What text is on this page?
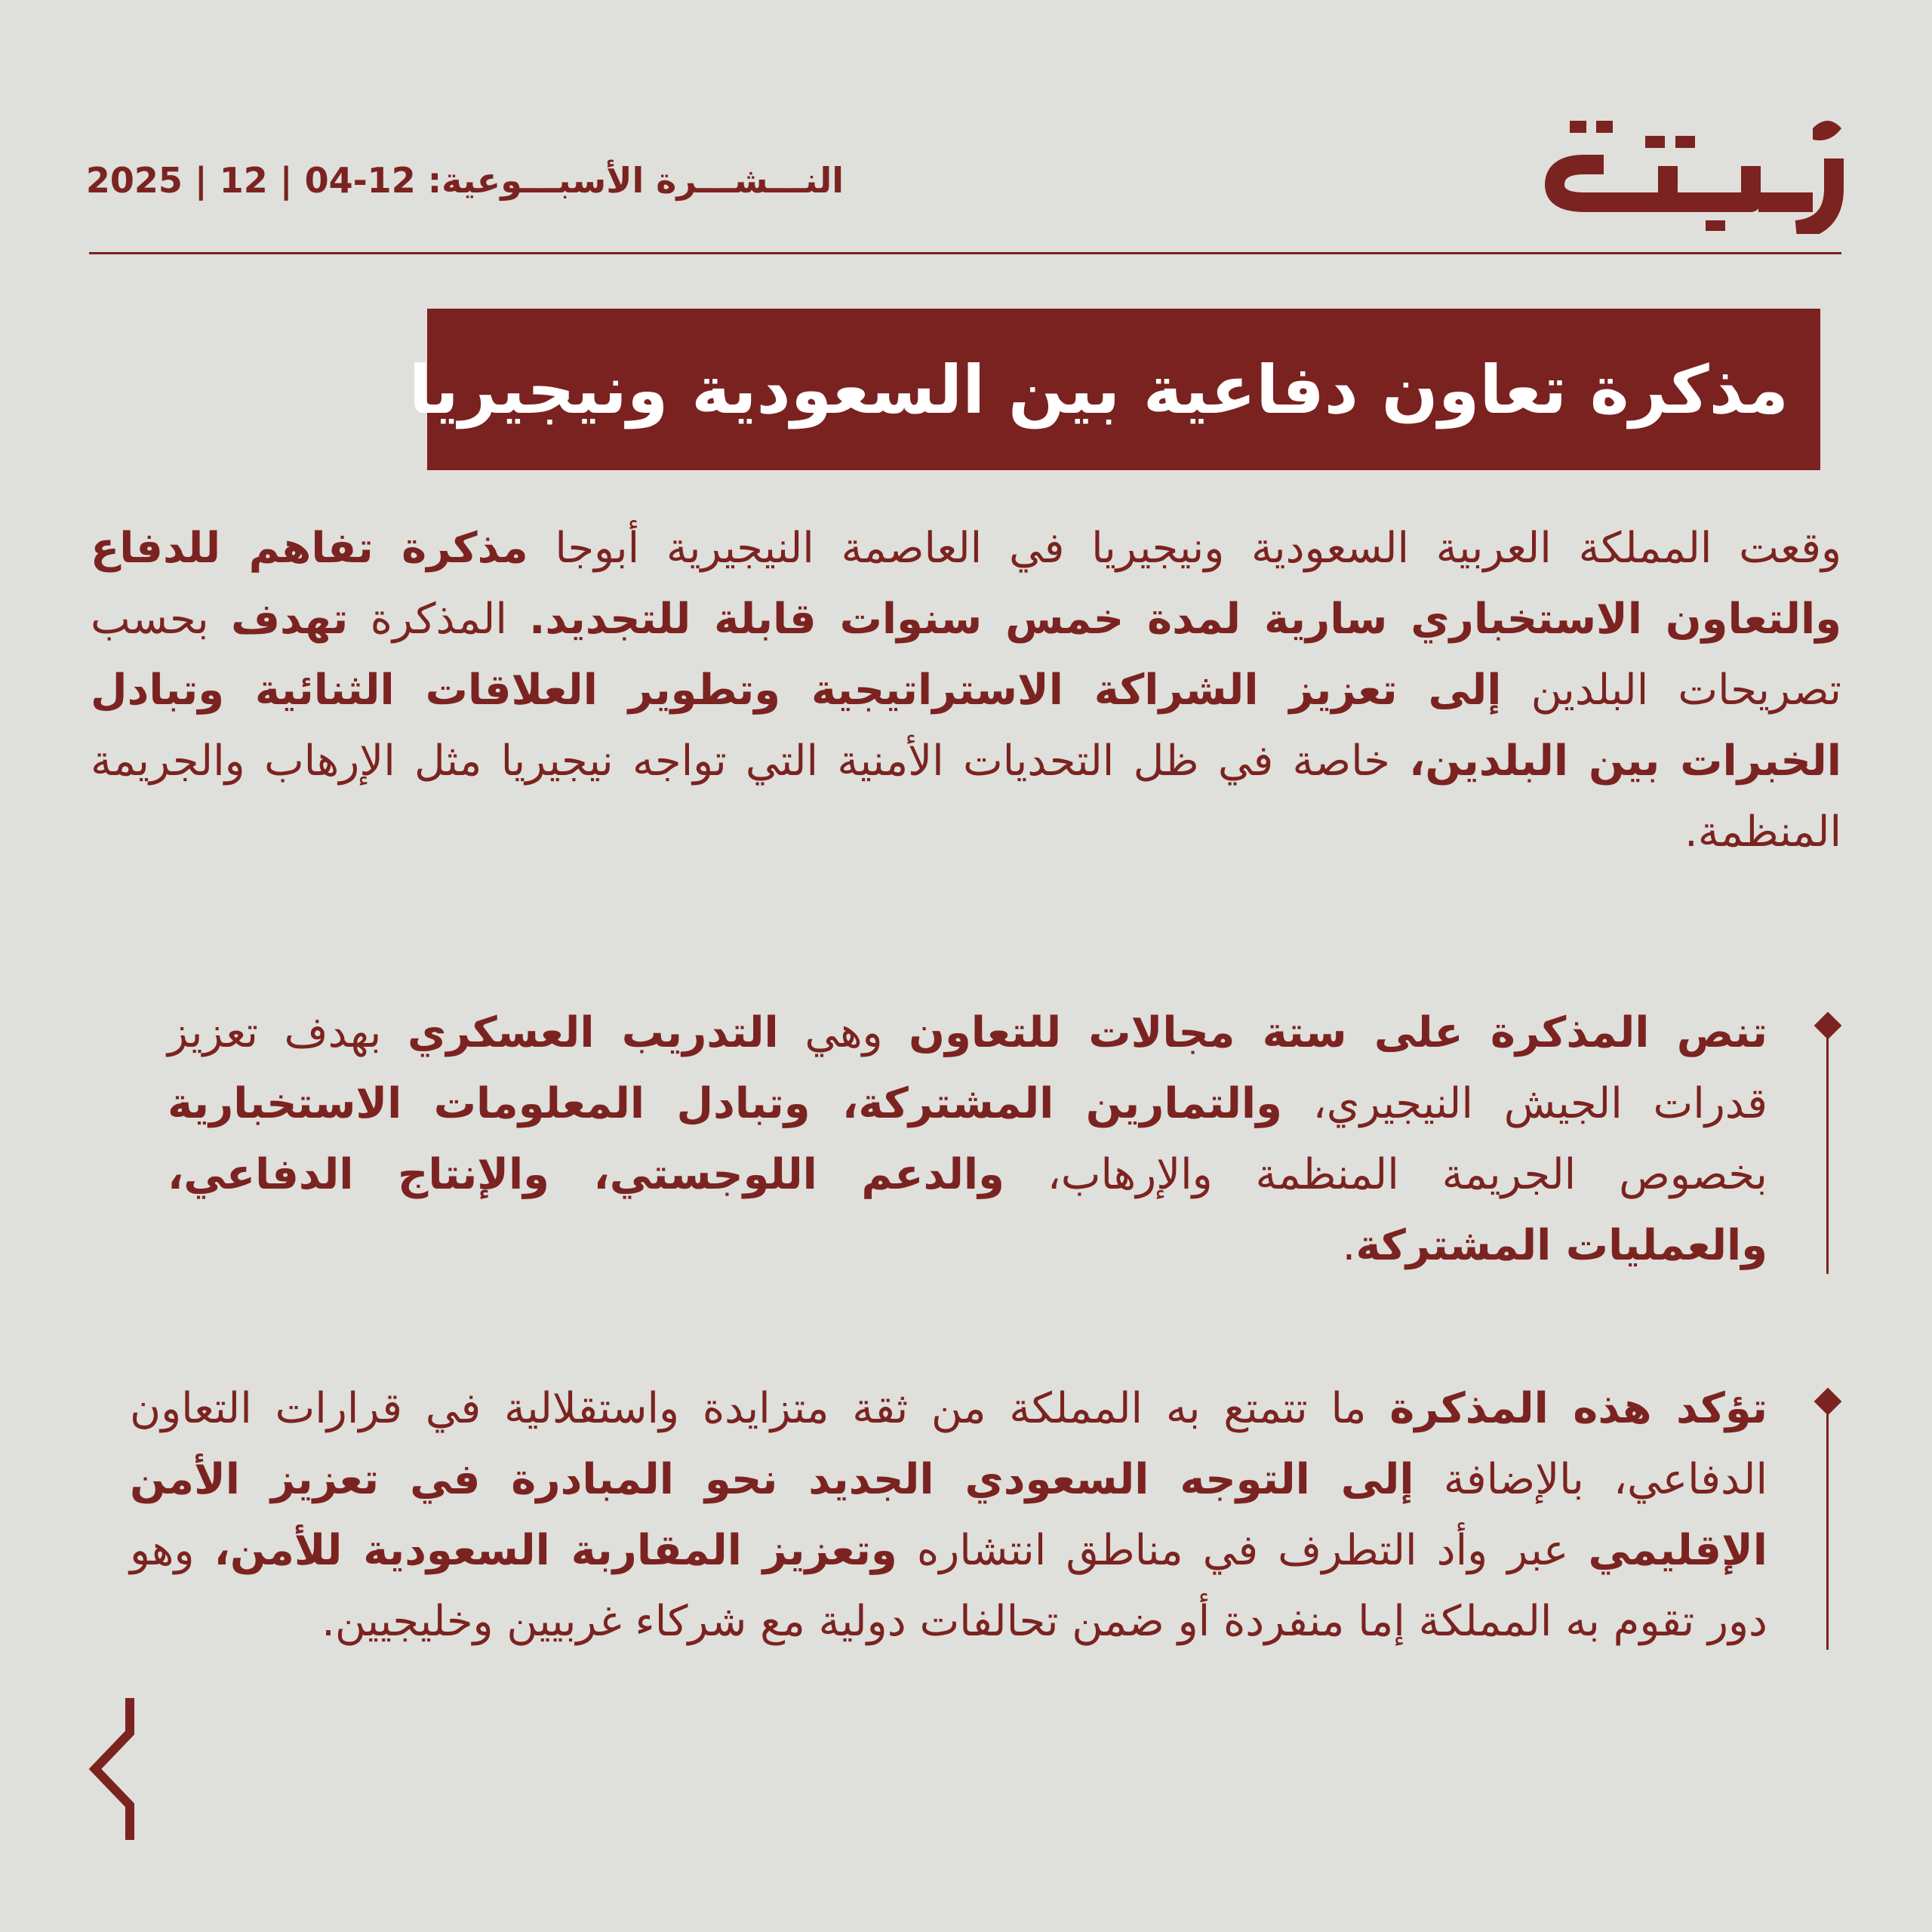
النـــشـــرة الأسبـــوعية: 2025 | 12 | 04-12
مذكرة تعاون دفاعية بين السعودية ونيجيريا
وقعت المملكة العربية السعودية ونيجيريا في العاصمة النيجيرية أبوجا مذكرة تفاهم للدفاع والتعاون الاستخباري سارية لمدة خمس سنوات قابلة للتجديد. المذكرة تهدف بحسب تصريحات البلدين إلى تعزيز الشراكة الاستراتيجية وتطوير العلاقات الثنائية وتبادل الخبرات بين البلدين، خاصة في ظل التحديات الأمنية التي تواجه نيجيريا مثل الإرهاب والجريمة المنظمة.
تنص المذكرة على ستة مجالات للتعاون وهي التدريب العسكري بهدف تعزيز قدرات الجيش النيجيري، والتمارين المشتركة، وتبادل المعلومات الاستخبارية بخصوص الجريمة المنظمة والإرهاب، والدعم اللوجستي، والإنتاج الدفاعي، والعمليات المشتركة.
تؤكد هذه المذكرة ما تتمتع به المملكة من ثقة متزايدة واستقلالية في قرارات التعاون الدفاعي، بالإضافة إلى التوجه السعودي الجديد نحو المبادرة في تعزيز الأمن الإقليمي عبر وأد التطرف في مناطق انتشاره وتعزيز المقاربة السعودية للأمن، وهو دور تقوم به المملكة إما منفردة أو ضمن تحالفات دولية مع شركاء غربيين وخليجيين.
